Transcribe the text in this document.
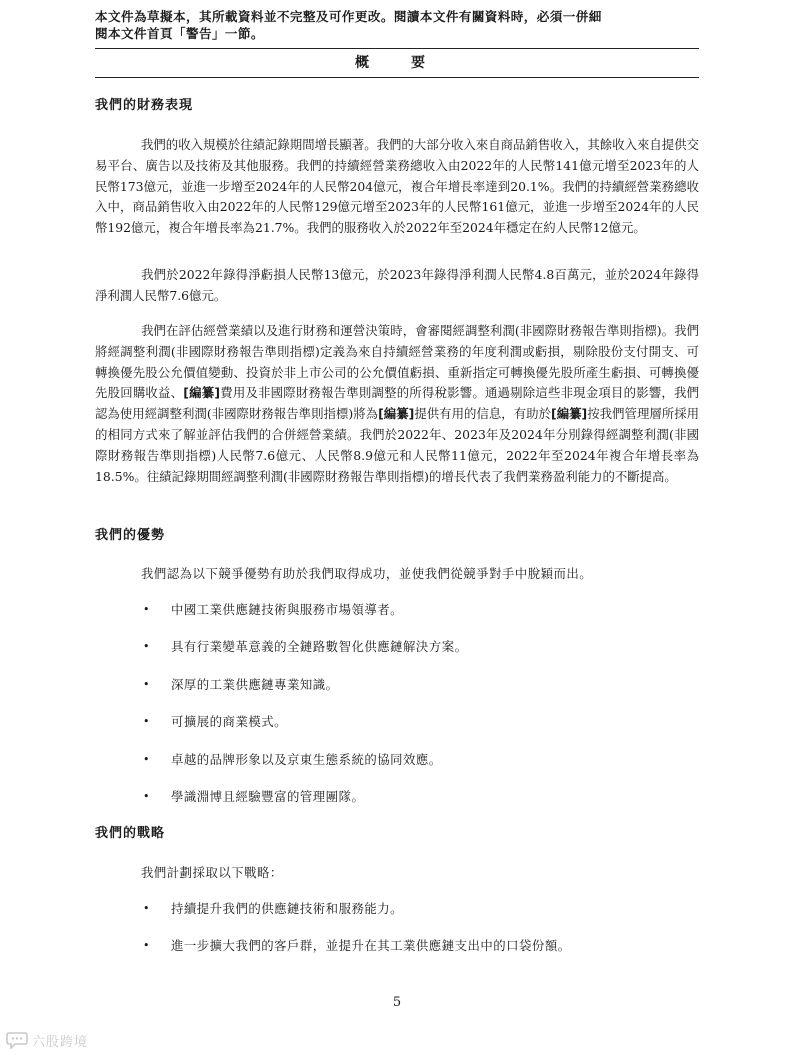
本文件為草擬本，其所載資料並不完整及可作更改。閱讀本文件有關資料時，必須一併細
閱本文件首頁「警告」一節。
概　要
我們的財務表現

我們的收入規模於往績記錄期間增長顯著。我們的大部分收入來自商品銷售收入，其餘收入來自提供交易平台、廣告以及技術及其他服務。我們的持續經營業務總收入由2022年的人民幣141億元增至2023年的人民幣173億元，並進一步增至2024年的人民幣204億元，複合年增長率達到20.1%。我們的持續經營業務總收入中，商品銷售收入由2022年的人民幣129億元增至2023年的人民幣161億元，並進一步增至2024年的人民幣192億元，複合年增長率為21.7%。我們的服務收入於2022年至2024年穩定在約人民幣12億元。

我們於2022年錄得淨虧損人民幣13億元，於2023年錄得淨利潤人民幣4.8百萬元，並於2024年錄得淨利潤人民幣7.6億元。

我們在評估經營業績以及進行財務和運營決策時，會審閱經調整利潤(非國際財務報告準則指標)。我們將經調整利潤(非國際財務報告準則指標)定義為來自持續經營業務的年度利潤或虧損，剔除股份支付開支、可轉換優先股公允價值變動、投資於非上市公司的公允價值虧損、重新指定可轉換優先股所產生虧損、可轉換優先股回購收益、[編纂]費用及非國際財務報告準則調整的所得稅影響。通過剔除這些非現金項目的影響，我們認為使用經調整利潤(非國際財務報告準則指標)將為[編纂]提供有用的信息，有助於[編纂]按我們管理層所採用的相同方式來了解並評估我們的合併經營業績。我們於2022年、2023年及2024年分別錄得經調整利潤(非國際財務報告準則指標)人民幣7.6億元、人民幣8.9億元和人民幣11億元，2022年至2024年複合年增長率為18.5%。往績記錄期間經調整利潤(非國際財務報告準則指標)的增長代表了我們業務盈利能力的不斷提高。

我們的優勢
我們認為以下競爭優勢有助於我們取得成功，並使我們從競爭對手中脫穎而出。
• 中國工業供應鏈技術與服務市場領導者。
• 具有行業變革意義的全鏈路數智化供應鏈解決方案。
• 深厚的工業供應鏈專業知識。
• 可擴展的商業模式。
• 卓越的品牌形象以及京東生態系統的協同效應。
• 學識淵博且經驗豐富的管理團隊。
我們的戰略
我們計劃採取以下戰略：
• 持續提升我們的供應鏈技術和服務能力。
• 進一步擴大我們的客戶群，並提升在其工業供應鏈支出中的口袋份額。
5
六股跨境
